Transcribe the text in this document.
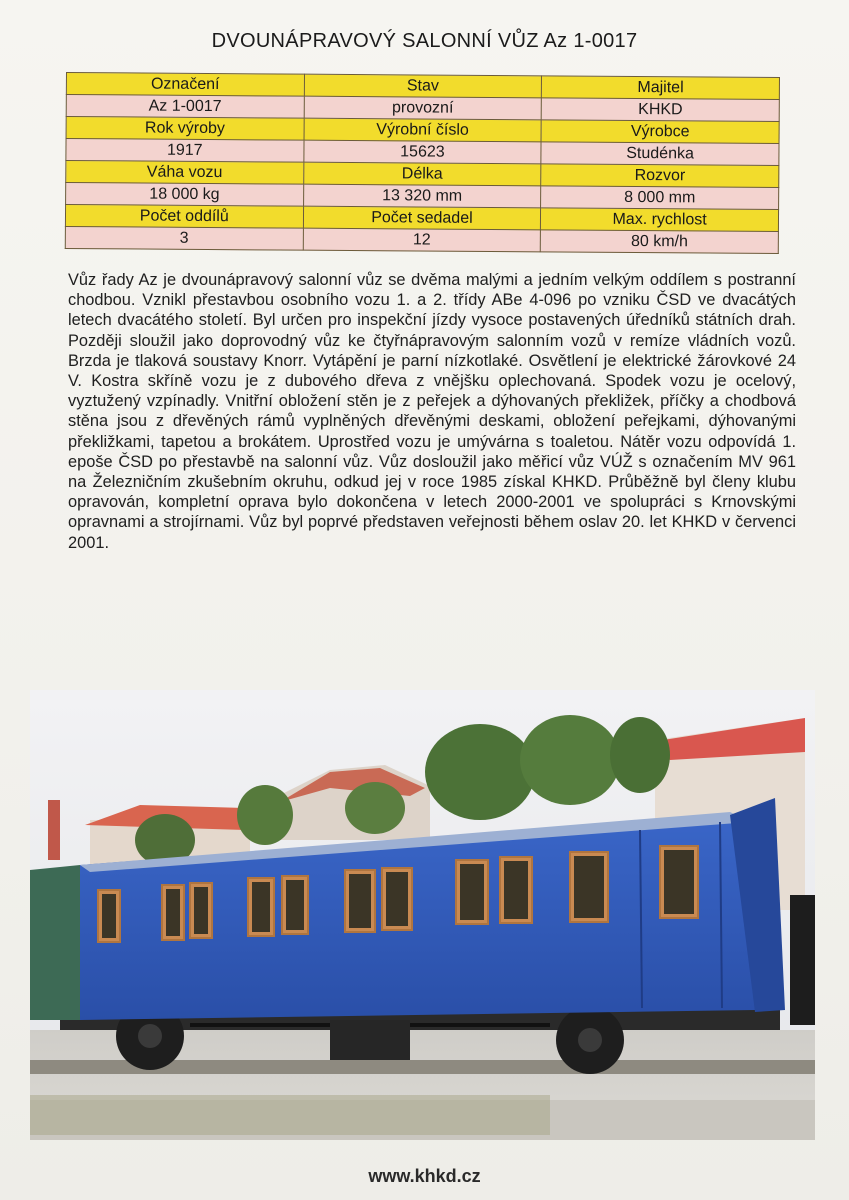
DVOUNÁPRAVOVÝ SALONNÍ VŮZ Az 1-0017
Označení	Stav	Majitel
Az 1-0017	provozní	KHKD
Rok výroby	Výrobní číslo	Výrobce
1917	15623	Studénka
Váha vozu	Délka	Rozvor
18 000 kg	13 320 mm	8 000 mm
Počet oddílů	Počet sedadel	Max. rychlost
3	12	80 km/h
Vůz řady Az je dvounápravový salonní vůz se dvěma malými a jedním velkým oddílem s postranní chodbou. Vznikl přestavbou osobního vozu 1. a 2. třídy ABe 4-096 po vzniku ČSD ve dvacátých letech dvacátého století. Byl určen pro inspekční jízdy vysoce postavených úředníků státních drah. Později sloužil jako doprovodný vůz ke čtyřnápravovým salonním vozů v remíze vládních vozů. Brzda je tlaková soustavy Knorr. Vytápění je parní nízkotlaké. Osvětlení je elektrické žárovkové 24 V. Kostra skříně vozu je z dubového dřeva z vnějšku oplechovaná. Spodek vozu je ocelový, vyztužený vzpínadly. Vnitřní obložení stěn je z peřejek a dýhovaných překližek, příčky a chodbová stěna jsou z dřevěných rámů vyplněných dřevěnými deskami, obložení peřejkami, dýhovanými překližkami, tapetou a brokátem. Uprostřed vozu je umývárna s toaletou. Nátěr vozu odpovídá 1. epoše ČSD po přestavbě na salonní vůz. Vůz dosloužil jako měřicí vůz VÚŽ s označením MV 961 na Železničním zkušebním okruhu, odkud jej v roce 1985 získal KHKD. Průběžně byl členy klubu opravován, kompletní oprava bylo dokončena v letech 2000-2001 ve spolupráci s Krnovskými opravnami a strojírnami. Vůz byl poprvé představen veřejnosti během oslav 20. let KHKD v červenci 2001.
www.khkd.cz
